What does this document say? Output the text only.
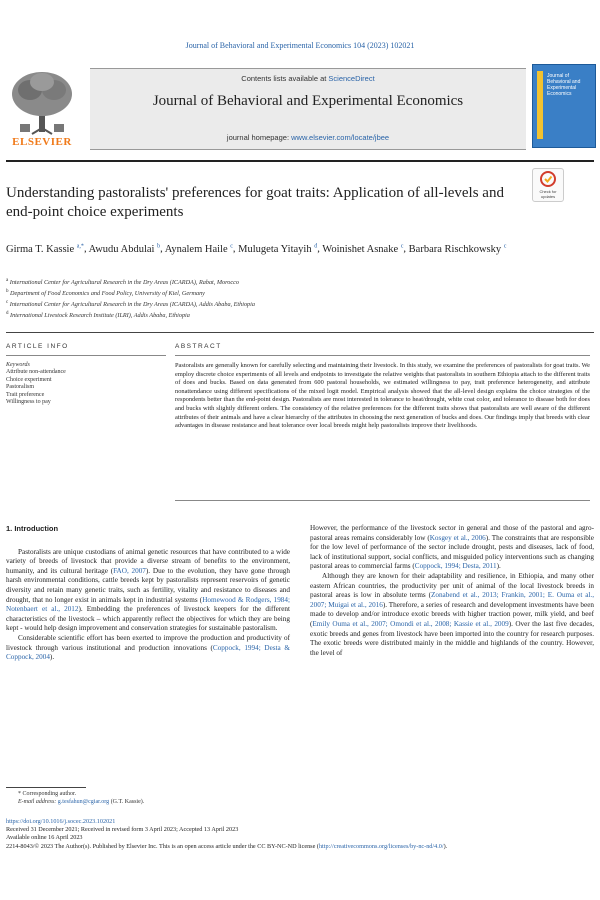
Journal of Behavioral and Experimental Economics 104 (2023) 102021
ELSEVIER
Contents lists available at ScienceDirect
Journal of Behavioral and Experimental Economics
journal homepage: www.elsevier.com/locate/jbee
Journal of Behavioral and Experimental Economics
Understanding pastoralists' preferences for goat traits: Application of all-levels and end-point choice experiments
Check for updates
Girma T. Kassie $^{a,*}$, Awudu Abdulai $^b$, Aynalem Haile $^c$, Mulugeta Yitayih $^d$, Woinishet Asnake $^c$, Barbara Rischkowsky $^c$
$^a$ International Center for Agricultural Research in the Dry Areas (ICARDA), Rabat, Morocco
$^b$ Department of Food Economics and Food Policy, University of Kiel, Germany
$^c$ International Center for Agricultural Research in the Dry Areas (ICARDA), Addis Ababa, Ethiopia
$^d$ International Livestock Research Institute (ILRI), Addis Ababa, Ethiopia
ARTICLE INFO
Keywords
Attribute non-attendance
Choice experiment
Pastoralism
Trait preference
Willingness to pay
ABSTRACT
Pastoralists are generally known for carefully selecting and maintaining their livestock. In this study, we examine the preferences of pastoralists for goat traits. We employ discrete choice experiments of all levels and endpoints to investigate the relative weights that pastoralists in southern Ethiopia attach to the different traits of does and bucks. Based on data generated from 600 pastoral households, we estimated willingness to pay, trait preference heterogeneity, and attribute nonattendance using different specifications of the mixed logit model. Empirical analysis showed that the all-level design explains the choice strategies of the respondents better than the end-point design. Pastoralists are most interested in tolerance to heat/drought, white coat color, and tolerance to disease both for does and bucks with slightly different orders. The consistency of the relative preferences for the different traits shows that pastoralists are well aware of the different attributes of their animals and have a clear hierarchy of the attributes in choosing the next generation of bucks and does. Our findings imply that breeds with clear advantages in disease resistance and heat tolerance over local breeds might help pastoralists improve their livelihoods.
1. Introduction

Pastoralists are unique custodians of animal genetic resources that have contributed to a wide variety of breeds of livestock that provide a diverse stream of benefits to the environment, humanity, and its cultural heritage (FAO, 2007). Due to the evolution, they have gone through harsh environmental conditions, cattle breeds kept by pastoralists represent reservoirs of genetic diversity and retain many genetic traits, such as fertility, vitality and resistance to diseases and drought, that no longer exist in animals kept in industrial systems (Homewood & Rodgers, 1984; Notenbaert et al., 2012). Embedding the preferences of livestock keepers for the different characteristics of the livestock – which apparently reflect the objectives for which they are being kept - would help design improvement and conservation strategies for sustainable pastoralism.

Considerable scientific effort has been exerted to improve the production and productivity of livestock through various institutional and production innovations (Coppock, 1994; Desta & Coppock, 2004).

However, the performance of the livestock sector in general and those of the pastoral and agro-pastoral areas remains considerably low (Kosgey et al., 2006). The constraints that are responsible for the low level of performance of the sector include drought, pests and diseases, lack of food, lack of institutional support, social conflicts, and misguided policy interventions such as changing pastoral areas to commercial farms (Coppock, 1994; Desta, 2011).

Although they are known for their adaptability and resilience, in Ethiopia, and many other eastern African countries, the productivity per unit of animal of the local livestock breeds in pastoral areas is low in absolute terms (Zonabend et al., 2013; Frankin, 2001; E. Ouma et al., 2007; Muigai et al., 2016). Therefore, a series of research and development investments have been made to develop and/or introduce exotic breeds with higher traction power, milk yield, and beef (Emily Ouma et al., 2007; Omondi et al., 2008; Kassie et al., 2009). Over the last five decades, exotic breeds and genes from livestock have been imported into the country for research purposes. The exotic breeds were distributed mainly in the middle and highlands of the country. However, the level of

* Corresponding author.
E-mail address: g.tesfahun@cgiar.org (G.T. Kassie).
https://doi.org/10.1016/j.socec.2023.102021
Received 31 December 2021; Received in revised form 3 April 2023; Accepted 13 April 2023
Available online 16 April 2023
2214-8043/© 2023 The Author(s). Published by Elsevier Inc. This is an open access article under the CC BY-NC-ND license (http://creativecommons.org/licenses/by-nc-nd/4.0/).
